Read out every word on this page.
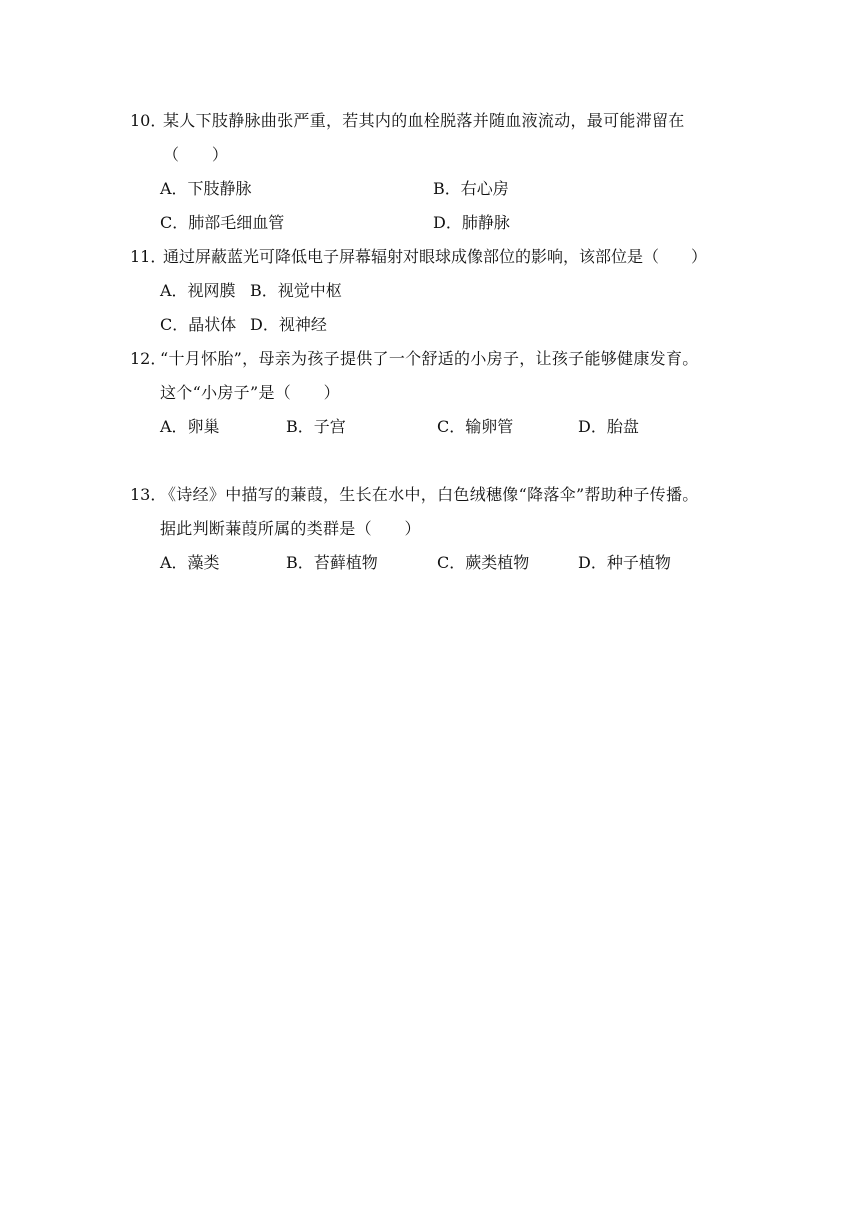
10．
某人下肢静脉曲张严重，若其内的血栓脱落并随血液流动，最可能滞留在
（　　）
A．下肢静脉	B．右心房
C．肺部毛细血管	D．肺静脉
11．
通过屏蔽蓝光可降低电子屏幕辐射对眼球成像部位的影响，该部位是（　　）
A．视网膜 B．视觉中枢
C．晶状体 D．视神经
12．
“十月怀胎”，母亲为孩子提供了一个舒适的小房子，让孩子能够健康发育。
这个“小房子”是（　　）
A．卵巢	B．子宫	C．输卵管	D．胎盘
13．
《诗经》中描写的蒹葭，生长在水中，白色绒穗像“降落伞”帮助种子传播。
据此判断蒹葭所属的类群是（　　）
A．藻类	B．苔藓植物	C．蕨类植物	D．种子植物
